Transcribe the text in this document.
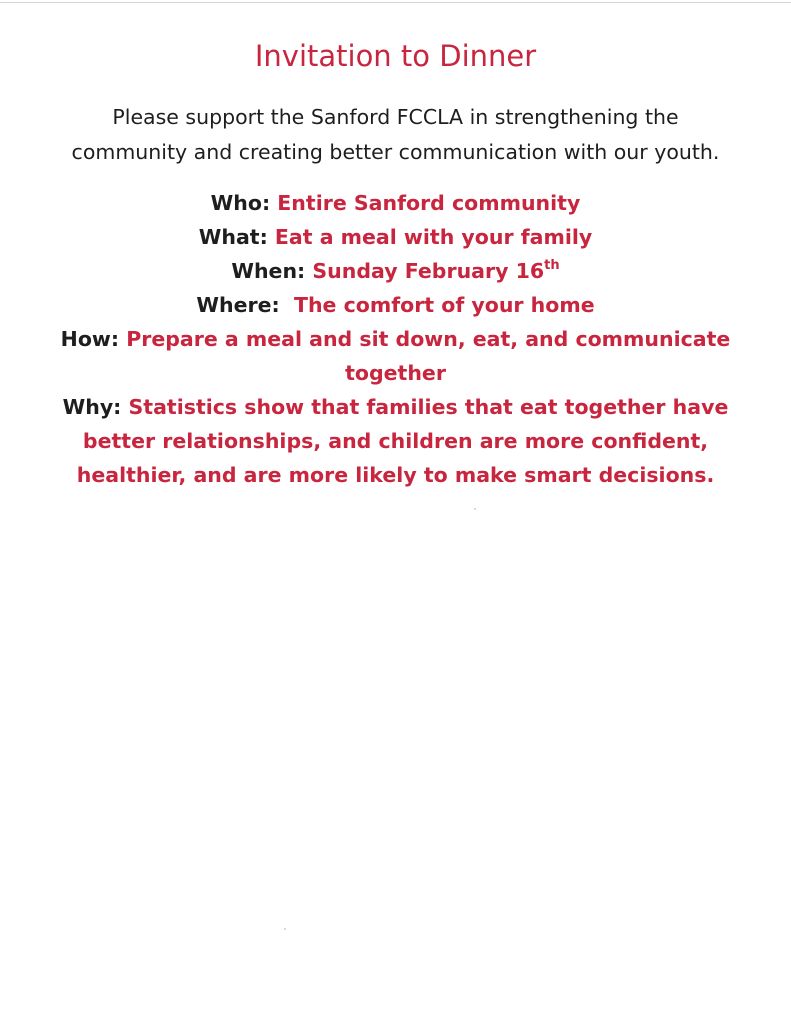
Invitation to Dinner
Please support the Sanford FCCLA in strengthening the
community and creating better communication with our youth.
Who: Entire Sanford community
What: Eat a meal with your family
When: Sunday February 16th
Where: The comfort of your home
How: Prepare a meal and sit down, eat, and communicate
together
Why: Statistics show that families that eat together have
better relationships, and children are more confident,
healthier, and are more likely to make smart decisions.
